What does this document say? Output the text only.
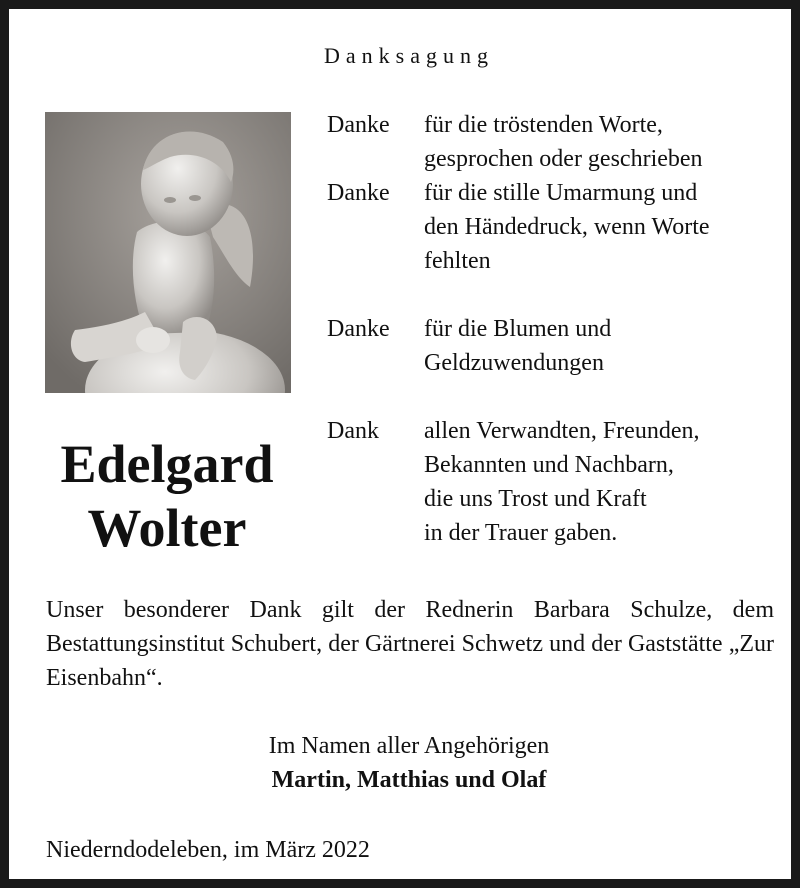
Danksagung
Edelgard
Wolter
Danke	für die tröstenden Worte,
gesprochen oder geschrieben
Danke	für die stille Umarmung und
den Händedruck, wenn Worte
fehlten
Danke	für die Blumen und
Geldzuwendungen
Dank	allen Verwandten, Freunden,
Bekannten und Nachbarn,
die uns Trost und Kraft
in der Trauer gaben.
Unser besonderer Dank gilt der Rednerin Barbara Schulze, dem Bestattungsinstitut Schubert, der Gärtnerei Schwetz und der Gaststätte „Zur Eisenbahn“.
Im Namen aller Angehörigen
Martin, Matthias und Olaf
Niederndodeleben, im März 2022
